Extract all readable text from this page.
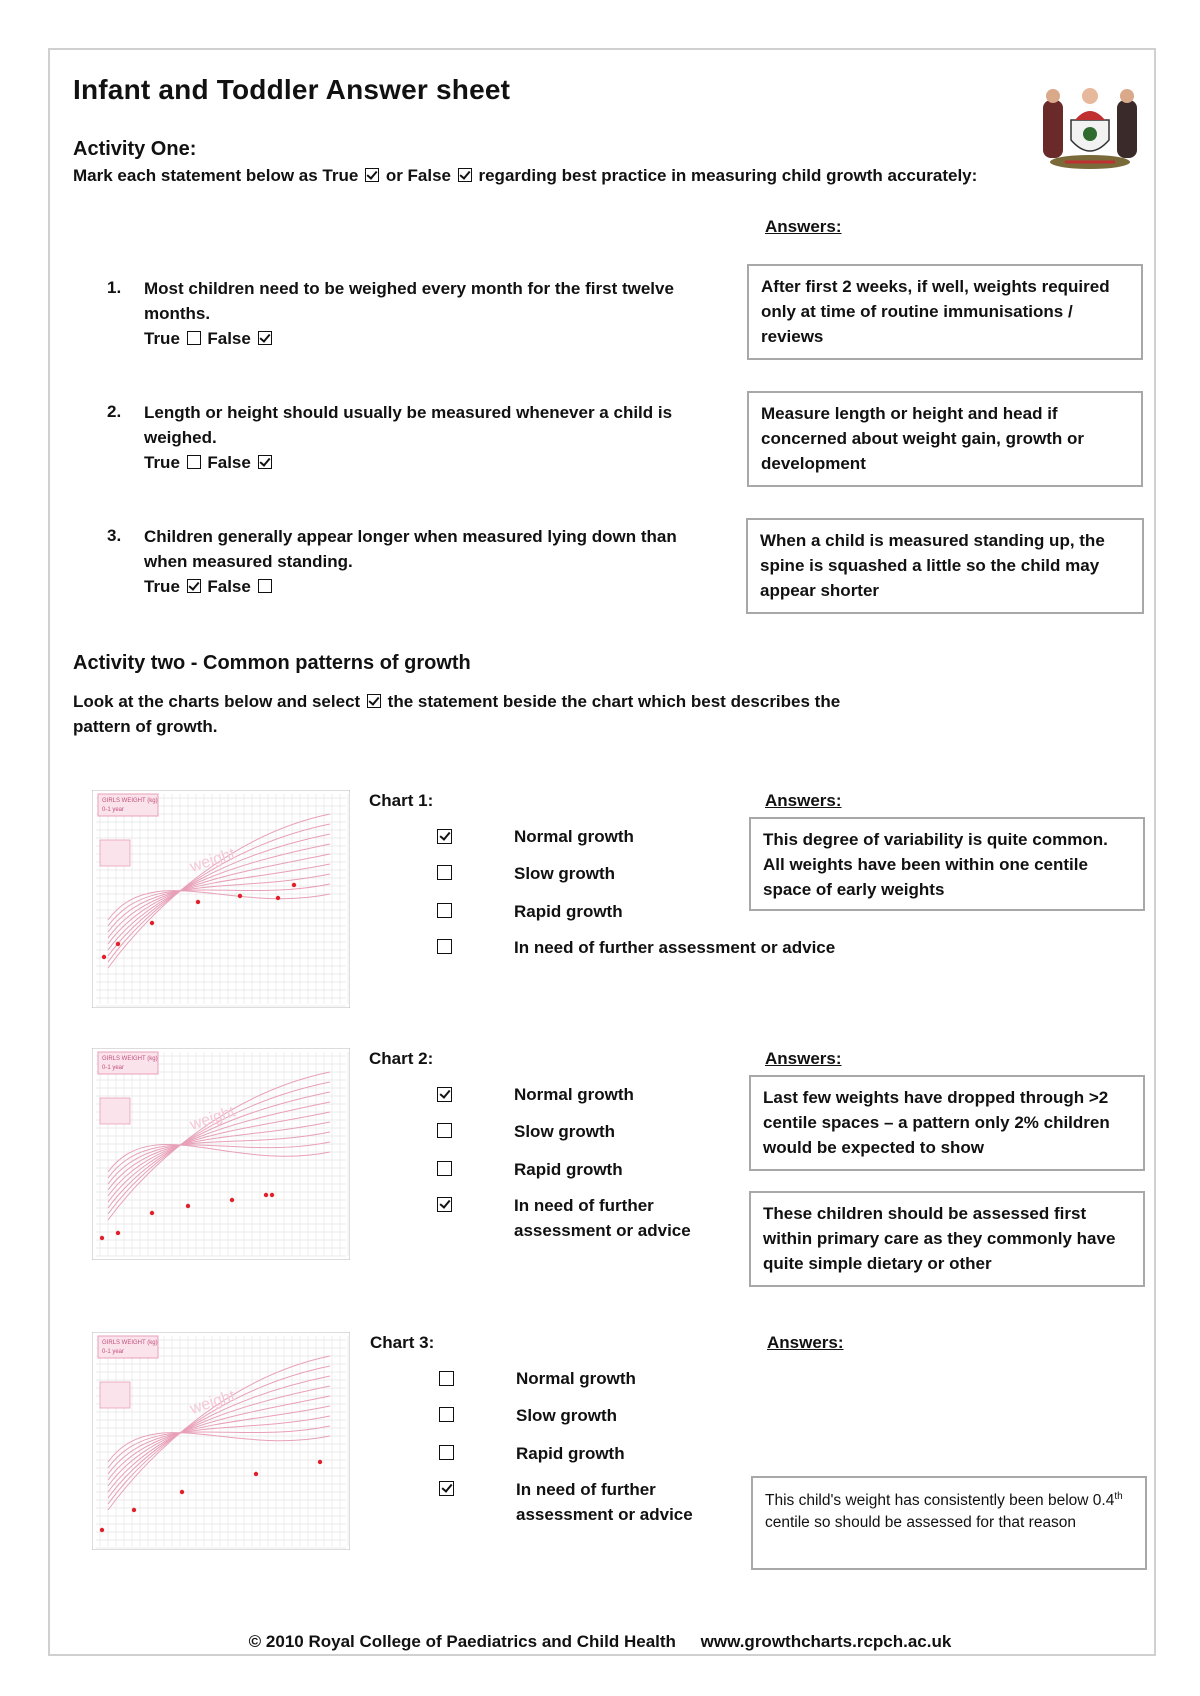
Infant and Toddler Answer sheet
Activity One:
Mark each statement below as True or False regarding best practice in measuring child growth accurately:
Answers:
1. Most children need to be weighed every month for the first twelve
months.
True False
After first 2 weeks, if well, weights required only at time of routine immunisations / reviews
2. Length or height should usually be measured whenever a child is
weighed.
True False
Measure length or height and head if concerned about weight gain, growth or development
3. Children generally appear longer when measured lying down than
when measured standing.
True False
When a child is measured standing up, the spine is squashed a little so the child may appear shorter
Activity two - Common patterns of growth
Look at the charts below and select the statement beside the chart which best describes the
pattern of growth.
GIRLS WEIGHT (kg)
0-1 year
weight
Chart 1:	Answers:
Normal growth
Slow growth
Rapid growth
In need of further assessment or advice
This degree of variability is quite common. All weights have been within one centile space of early weights
GIRLS WEIGHT (kg)
0-1 year
weight
Chart 2:	Answers:
Normal growth
Slow growth
Rapid growth
In need of further
assessment or advice
Last few weights have dropped through >2 centile spaces – a pattern only 2% children would be expected to show
These children should be assessed first within primary care as they commonly have quite simple dietary or other
GIRLS WEIGHT (kg)
0-1 year
weight
Chart 3:	Answers:
Normal growth
Slow growth
Rapid growth
In need of further
assessment or advice
This child's weight has consistently been below 0.4th centile so should be assessed for that reason
© 2010 Royal College of Paediatrics and Child Health www.growthcharts.rcpch.ac.uk
